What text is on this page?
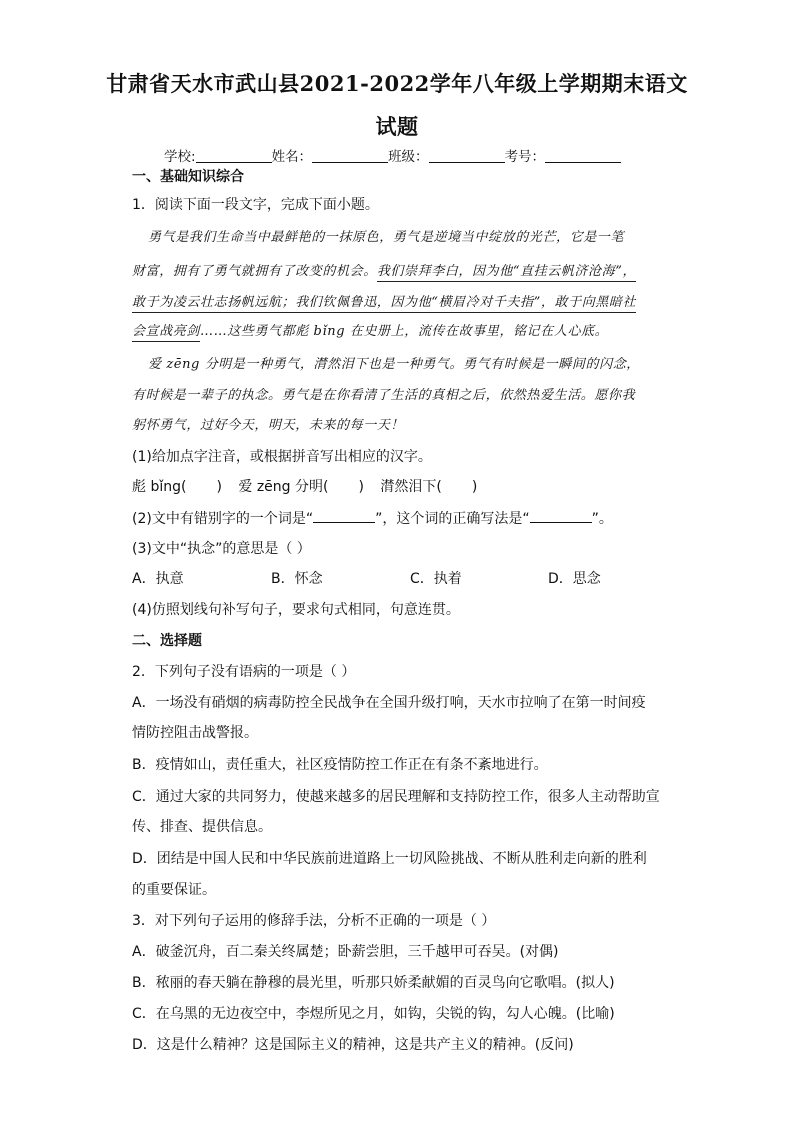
甘肃省天水市武山县2021-2022学年八年级上学期期末语文
试题
学校:	姓名：	班级：	考号：
一、基础知识综合
1．阅读下面一段文字，完成下面小题。
勇气是我们生命当中最鲜艳的一抹原色，勇气是逆境当中绽放的光芒，它是一笔
财富，拥有了勇气就拥有了改变的机会。我们崇拜李白，因为他“直挂云帆济沧海”，
敢于为凌云壮志扬帆远航；我们钦佩鲁迅，因为他“横眉冷对千夫指”，敢于向黑暗社
会宣战亮剑……这些勇气都彪 bǐng 在史册上，流传在故事里，铭记在人心底。
爱 zēng 分明是一种勇气，潸然泪下也是一种勇气。勇气有时候是一瞬间的闪念，
有时候是一辈子的执念。勇气是在你看清了生活的真相之后，依然热爱生活。愿你我
躬怀勇气，过好今天，明天，未来的每一天！
(1)给加点字注音，或根据拼音写出相应的汉字。
彪 bǐng( ) 爱 zēng 分明( ) 潸然泪下( )
(2)文中有错别字的一个词是“	”，这个词的正确写法是“	”。
(3)文中“执念”的意思是（ ）
A．执意	B．怀念	C．执着	D．思念
(4)仿照划线句补写句子，要求句式相同，句意连贯。
二、选择题
2．下列句子没有语病的一项是（ ）
A．一场没有硝烟的病毒防控全民战争在全国升级打响，天水市拉响了在第一时间疫
情防控阻击战警报。
B．疫情如山，责任重大，社区疫情防控工作正在有条不紊地进行。
C．通过大家的共同努力，使越来越多的居民理解和支持防控工作，很多人主动帮助宣
传、排查、提供信息。
D．团结是中国人民和中华民族前进道路上一切风险挑战、不断从胜利走向新的胜利
的重要保证。
3．对下列句子运用的修辞手法，分析不正确的一项是（ ）
A．破釜沉舟，百二秦关终属楚；卧薪尝胆，三千越甲可吞吴。(对偶)
B．秾丽的春天躺在静穆的晨光里，听那只娇柔献媚的百灵鸟向它歌唱。(拟人)
C．在乌黑的无边夜空中，李煜所见之月，如钩，尖锐的钩，勾人心魄。(比喻)
D．这是什么精神？这是国际主义的精神，这是共产主义的精神。(反问)
